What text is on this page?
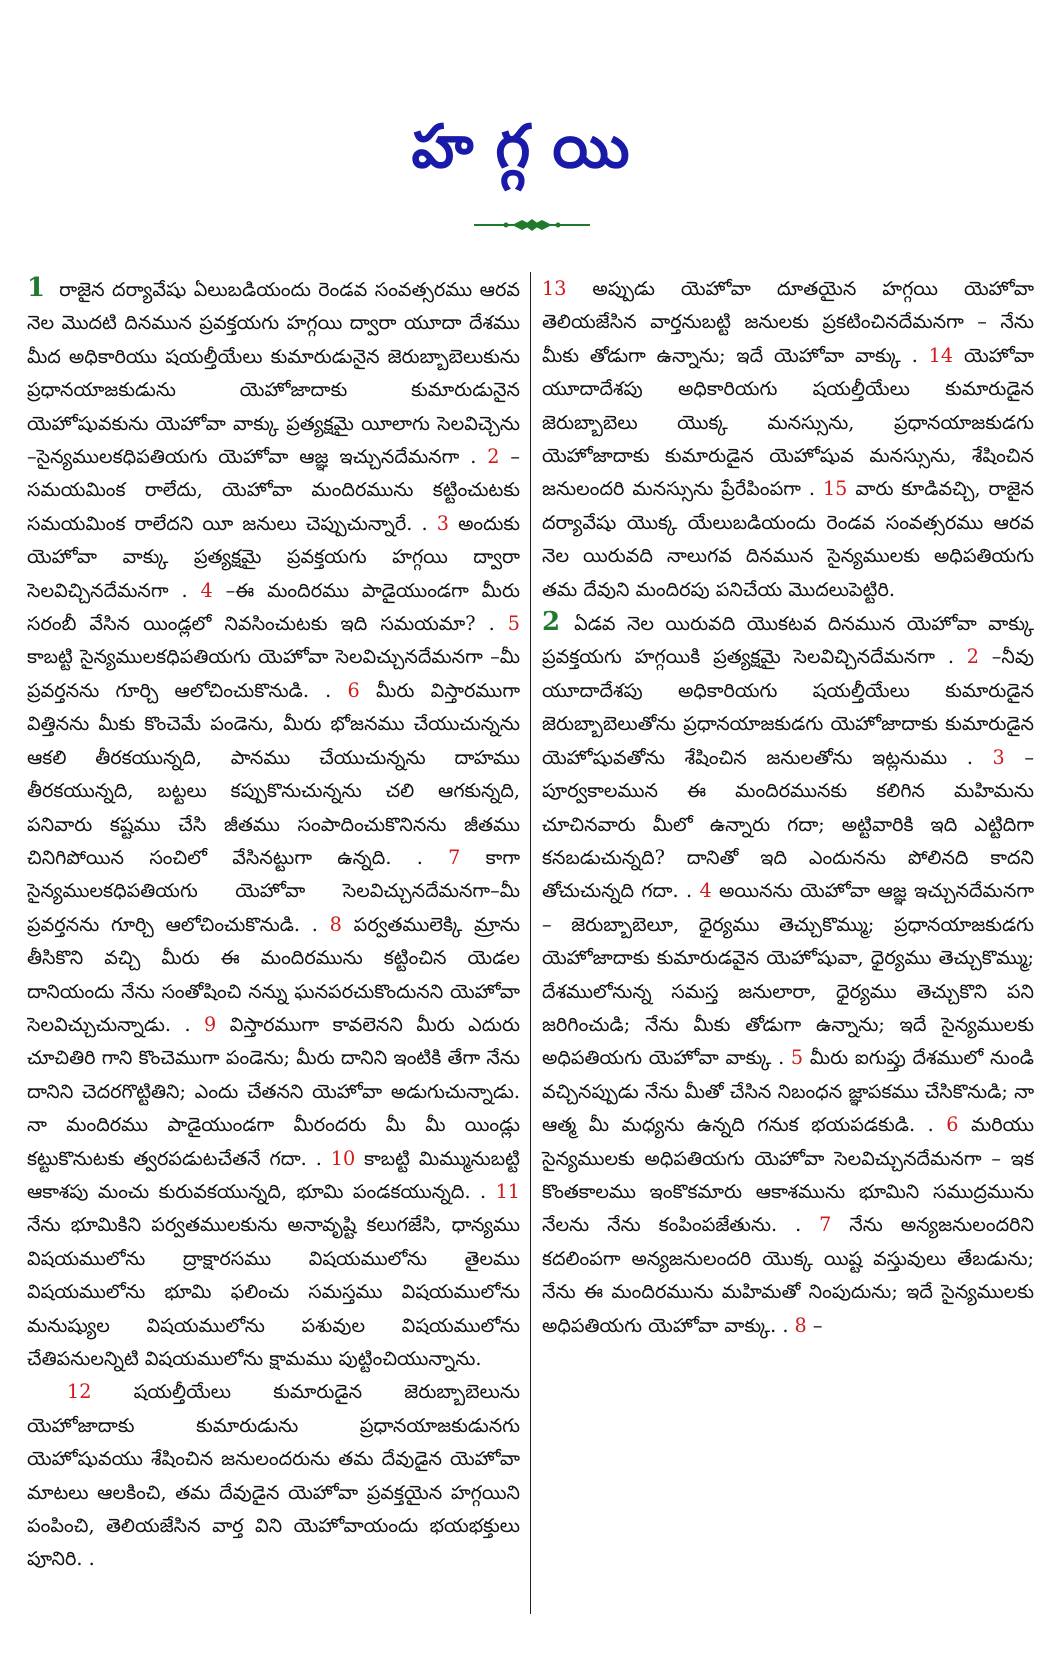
హగ్గయి

1 రాజైన దర్యావేషు ఏలుబడియందు రెండవ సంవత్సరము ఆరవ నెల మొదటి దినమున ప్రవక్తయగు హగ్గయి ద్వారా యూదా దేశము మీద అధికారియు షయల్తీయేలు కుమారుడునైన జెరుబ్బాబెలుకును ప్రధానయాజకుడును యెహోజాదాకు కుమారుడునైన యెహోషువకును యెహోవా వాక్కు ప్రత్యక్షమై యీలాగు సెలవిచ్చెను –సైన్యములకధిపతియగు యెహోవా ఆజ్ఞ ఇచ్చునదేమనగా . 2 –సమయమింక రాలేదు, యెహోవా మందిరమును కట్టించుటకు సమయమింక రాలేదని యీ జనులు చెప్పుచున్నారే. . 3 అందుకు యెహోవా వాక్కు ప్రత్యక్షమై ప్రవక్తయగు హగ్గయి ద్వారా సెలవిచ్చినదేమనగా . 4 –ఈ మందిరము పాడైయుండగా మీరు సరంబీ వేసిన యిండ్లలో నివసించుటకు ఇది సమయమా? . 5 కాబట్టి సైన్యములకధిపతియగు యెహోవా సెలవిచ్చునదేమనగా –మీ ప్రవర్తనను గూర్చి ఆలోచించుకొనుడి. . 6 మీరు విస్తారముగా విత్తినను మీకు కొంచెమే పండెను, మీరు భోజనము చేయుచున్నను ఆకలి తీరకయున్నది, పానము చేయుచున్నను దాహము తీరకయున్నది, బట్టలు కప్పుకొనుచున్నను చలి ఆగకున్నది, పనివారు కష్టము చేసి జీతము సంపాదించుకొనినను జీతము చినిగిపోయిన సంచిలో వేసినట్టుగా ఉన్నది. . 7 కాగా సైన్యములకధిపతియగు యెహోవా సెలవిచ్చునదేమనగా–మీ ప్రవర్తనను గూర్చి ఆలోచించుకొనుడి. . 8 పర్వతములెక్కి మ్రాను తీసికొని వచ్చి మీరు ఈ మందిరమును కట్టించిన యెడల దానియందు నేను సంతోషించి నన్ను ఘనపరచుకొందునని యెహోవా సెలవిచ్చుచున్నాడు. . 9 విస్తారముగా కావలెనని మీరు ఎదురు చూచితిరి గాని కొంచెముగా పండెను; మీరు దానిని ఇంటికి తేగా నేను దానిని చెదరగొట్టితిని; ఎందు చేతనని యెహోవా అడుగుచున్నాడు. నా మందిరము పాడైయుండగా మీరందరు మీ మీ యిండ్లు కట్టుకొనుటకు త్వరపడుటచేతనే గదా. . 10 కాబట్టి మిమ్మునుబట్టి ఆకాశపు మంచు కురువకయున్నది, భూమి పండకయున్నది. . 11 నేను భూమికిని పర్వతములకును అనావృష్టి కలుగజేసి, ధాన్యము విషయములోను ద్రాక్షారసము విషయములోను తైలము విషయములోను భూమి ఫలించు సమస్తము విషయములోను మనుష్యుల విషయములోను పశువుల విషయములోను చేతిపనులన్నిటి విషయములోను క్షామము పుట్టించియున్నాను.

12 షయల్తీయేలు కుమారుడైన జెరుబ్బాబెలును యెహోజాదాకు కుమారుడును ప్రధానయాజకుడునగు యెహోషువయు శేషించిన జనులందరును తమ దేవుడైన యెహోవా మాటలు ఆలకించి, తమ దేవుడైన యెహోవా ప్రవక్తయైన హగ్గయిని పంపించి, తెలియజేసిన వార్త విని యెహోవాయందు భయభక్తులు పూనిరి. .

13 అప్పుడు యెహోవా దూతయైన హగ్గయి యెహోవా తెలియజేసిన వార్తనుబట్టి జనులకు ప్రకటించినదేమనగా – నేను మీకు తోడుగా ఉన్నాను; ఇదే యెహోవా వాక్కు . 14 యెహోవా యూదాదేశపు అధికారియగు షయల్తీయేలు కుమారుడైన జెరుబ్బాబెలు యొక్క మనస్సును, ప్రధానయాజకుడగు యెహోజాదాకు కుమారుడైన యెహోషువ మనస్సును, శేషించిన జనులందరి మనస్సును ప్రేరేపింపగా . 15 వారు కూడివచ్చి, రాజైన దర్యావేషు యొక్క యేలుబడియందు రెండవ సంవత్సరము ఆరవ నెల యిరువది నాలుగవ దినమున సైన్యములకు అధిపతియగు తమ దేవుని మందిరపు పనిచేయ మొదలుపెట్టిరి.

2 ఏడవ నెల యిరువది యొకటవ దినమున యెహోవా వాక్కు ప్రవక్తయగు హగ్గయికి ప్రత్యక్షమై సెలవిచ్చినదేమనగా . 2 –నీవు యూదాదేశపు అధికారియగు షయల్తీయేలు కుమారుడైన జెరుబ్బాబెలుతోను ప్రధానయాజకుడగు యెహోజాదాకు కుమారుడైన యెహోషువతోను శేషించిన జనులతోను ఇట్లనుము . 3 –పూర్వకాలమున ఈ మందిరమునకు కలిగిన మహిమను చూచినవారు మీలో ఉన్నారు గదా; అట్టివారికి ఇది ఎట్టిదిగా కనబడుచున్నది? దానితో ఇది ఎందునను పోలినది కాదని తోచుచున్నది గదా. . 4 అయినను యెహోవా ఆజ్ఞ ఇచ్చునదేమనగా – జెరుబ్బాబెలూ, ధైర్యము తెచ్చుకొమ్ము; ప్రధానయాజకుడగు యెహోజాదాకు కుమారుడవైన యెహోషువా, ధైర్యము తెచ్చుకొమ్ము; దేశములోనున్న సమస్త జనులారా, ధైర్యము తెచ్చుకొని పని జరిగించుడి; నేను మీకు తోడుగా ఉన్నాను; ఇదే సైన్యములకు అధిపతియగు యెహోవా వాక్కు . 5 మీరు ఐగుప్తు దేశములో నుండి వచ్చినప్పుడు నేను మీతో చేసిన నిబంధన జ్ఞాపకము చేసికొనుడి; నా ఆత్మ మీ మధ్యను ఉన్నది గనుక భయపడకుడి. . 6 మరియు సైన్యములకు అధిపతియగు యెహోవా సెలవిచ్చునదేమనగా – ఇక కొంతకాలము ఇంకొకమారు ఆకాశమును భూమిని సముద్రమును నేలను నేను కంపింపజేతును. . 7 నేను అన్యజనులందరిని కదలింపగా అన్యజనులందరి యొక్క యిష్ట వస్తువులు తేబడును; నేను ఈ మందిరమును మహిమతో నింపుదును; ఇదే సైన్యములకు అధిపతియగు యెహోవా వాక్కు. . 8 –
